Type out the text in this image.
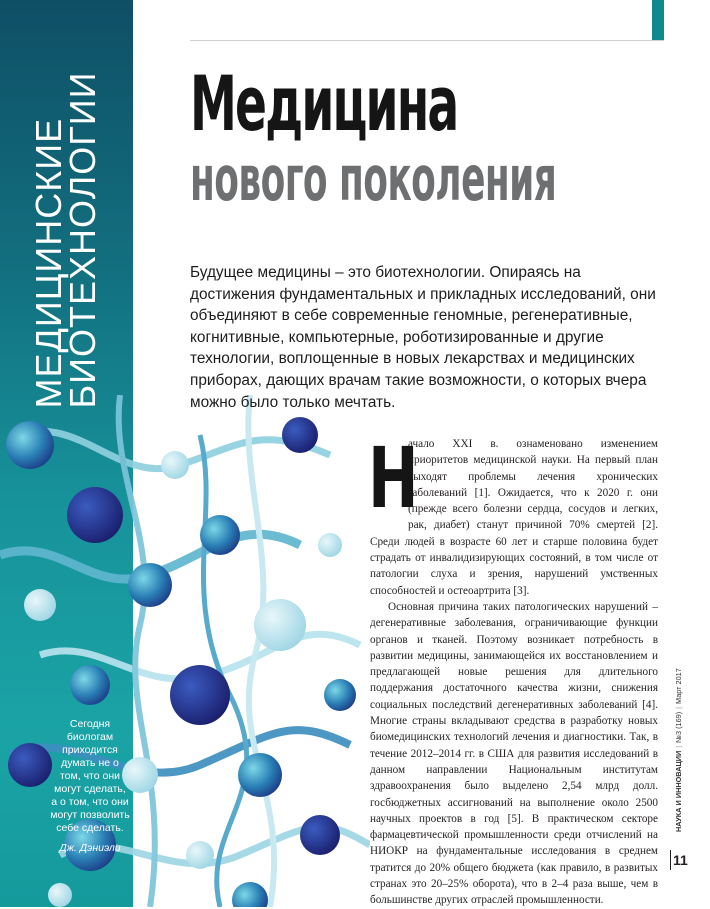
МЕДИЦИНСКИЕ
БИОТЕХНОЛОГИИ Медицина
нового поколения
Будущее медицины – это биотехнологии. Опираясь на достижения фундаментальных и прикладных исследований, они объединяют в себе современные геномные, регенеративные, когнитивные, компьютерные, роботизированные и другие технологии, воплощенные в новых лекарствах и медицинских приборах, дающих врачам такие возможности, о которых вчера можно было только мечтать.
Н

ачало XXI в. ознаменовано изменением приоритетов медицинской науки. На первый план выходят проблемы лечения хронических заболеваний [1]. Ожидается, что к 2020 г. они (прежде всего болезни сердца, сосудов и легких, рак, диабет) станут причиной 70% смертей [2]. Среди людей в возрасте 60 лет и старше половина будет страдать от инвалидизирующих состояний, в том числе от патологии слуха и зрения, нарушений умственных способностей и остеоартрита [3].

Основная причина таких патологических нарушений – дегенеративные заболевания, ограничивающие функции органов и тканей. Поэтому возникает потребность в развитии медицины, занимающейся их восстановлением и предлагающей новые решения для длительного поддержания достаточного качества жизни, снижения социальных последствий дегенеративных заболеваний [4]. Многие страны вкладывают средства в разработку новых биомедицинских технологий лечения и диагностики. Так, в течение 2012–2014 гг. в США для развития исследований в данном направлении Национальным институтам здравоохранения было выделено 2,54 млрд долл. госбюджетных ассигнований на выполнение около 2500 научных проектов в год [5]. В практическом секторе фармацевтической промышленности среди отчислений на НИОКР на фундаментальные исследования в среднем тратится до 20% общего бюджета (как правило, в развитых странах это 20–25% оборота), что в 2–4 раза выше, чем в большинстве других отраслей промышленности.

Сегодня биологам приходится думать не о том, что они могут сделать, а о том, что они могут позволить себе сделать.
Дж. Дэниэли
НАУКА И ИННОВАЦИИ|№3 (169)|Март 2017
11
